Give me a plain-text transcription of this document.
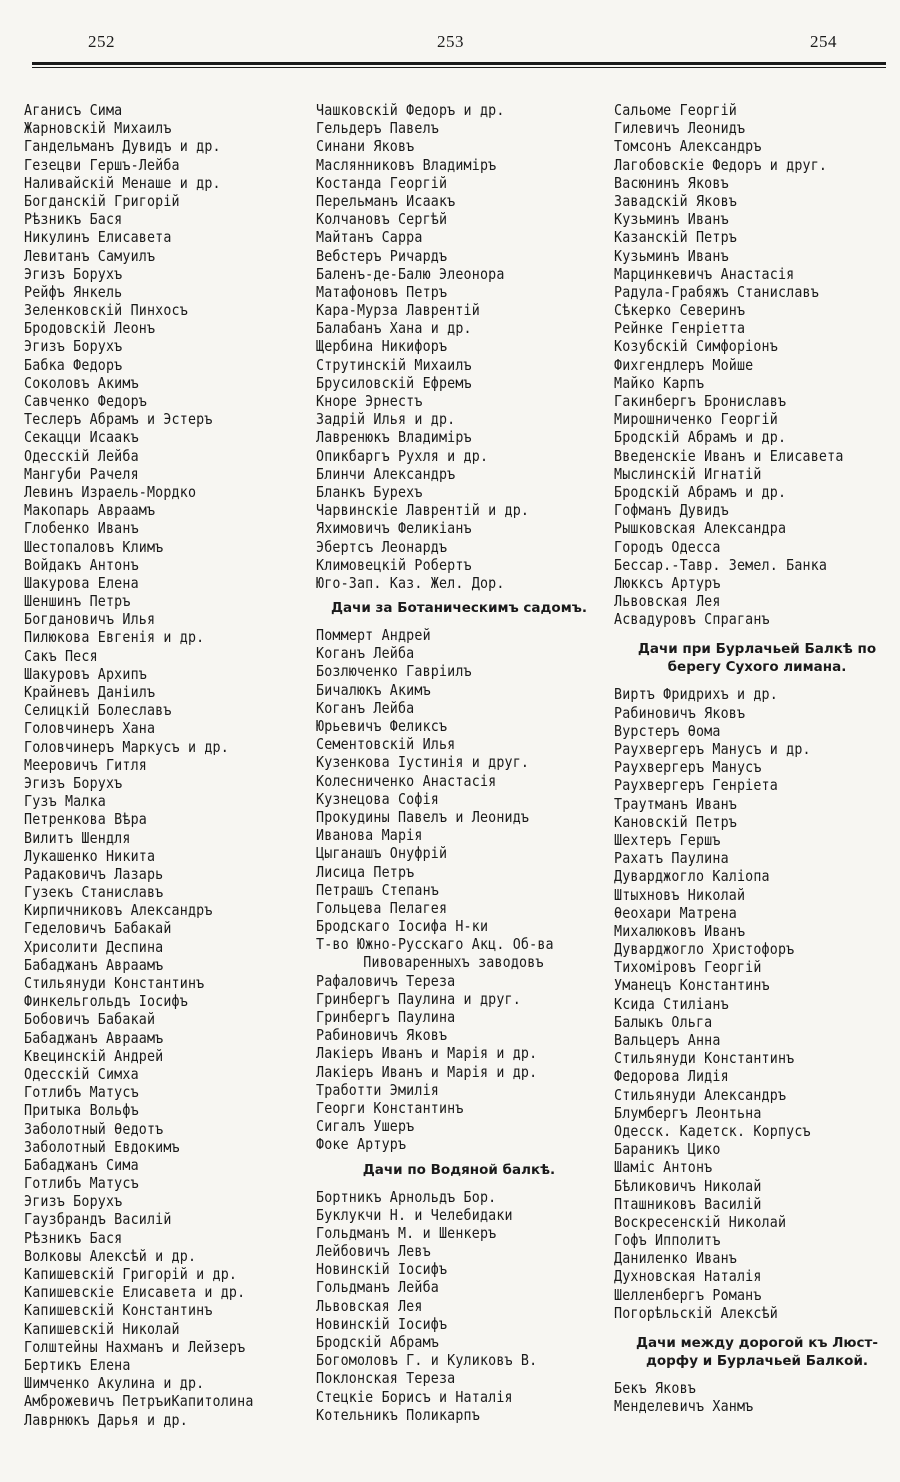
252	253	254
Аганисъ Сима
Жарновскій Михаилъ
Гандельманъ Дувидъ и др.
Гезецви Гершъ-Лейба
Наливайскій Менаше и др.
Богданскій Григорій
Рѣзникъ Бася
Никулинъ Елисавета
Левитанъ Самуилъ
Эгизъ Борухъ
Рейфъ Янкель
Зеленковскій Пинхосъ
Бродовскій Леонъ
Эгизъ Борухъ
Бабка Федоръ
Соколовъ Акимъ
Савченко Федоръ
Теслеръ Абрамъ и Эстеръ
Секацци Исаакъ
Одесскій Лейба
Мангуби Рачеля
Левинъ Израель-Мордко
Макопарь Авраамъ
Глобенко Иванъ
Шестопаловъ Климъ
Войдакъ Антонъ
Шакурова Елена
Шеншинъ Петръ
Богдановичъ Илья
Пилюкова Евгенія и др.
Сакъ Песя
Шакуровъ Архипъ
Крайневъ Даніилъ
Селицкій Болеславъ
Головчинеръ Хана
Головчинеръ Маркусъ и др.
Мееровичъ Гитля
Эгизъ Борухъ
Гузъ Малка
Петренкова Вѣра
Вилитъ Шендля
Лукашенко Никита
Радаковичъ Лазарь
Гузекъ Станиславъ
Кирпичниковъ Александръ
Геделовичъ Бабакай
Хрисолити Деспина
Бабаджанъ Авраамъ
Стильянуди Константинъ
Финкельгольдъ Іосифъ
Бобовичъ Бабакай
Бабаджанъ Авраамъ
Квецинскій Андрей
Одесскій Симха
Готлибъ Матусъ
Притыка Вольфъ
Заболотный Ѳедотъ
Заболотный Евдокимъ
Бабаджанъ Сима
Готлибъ Матусъ
Эгизъ Борухъ
Гаузбрандъ Василій
Рѣзникъ Бася
Волковы Алексѣй и др.
Капишевскій Григорій и др.
Капишевскіе Елисавета и др.
Капишевскій Константинъ
Капишевскій Николай
Голштейны Нахманъ и Лейзеръ
Бертикъ Елена
Шимченко Акулина и др.
Амброжевичъ ПетръиКапитолина
Лаврнюкъ Дарья и др.
Чашковскій Федоръ и др.
Гельдеръ Павелъ
Синани Яковъ
Маслянниковъ Владиміръ
Костанда Георгій
Перельманъ Исаакъ
Колчановъ Сергѣй
Майтанъ Сарра
Вебстеръ Ричардъ
Баленъ-де-Балю Элеонора
Матафоновъ Петръ
Кара-Мурза Лаврентій
Балабанъ Хана и др.
Щербина Никифоръ
Струтинскій Михаилъ
Брусиловскій Ефремъ
Кноре Эрнестъ
Задрій Илья и др.
Лавренюкъ Владиміръ
Опикбаргъ Рухля и др.
Блинчи Александръ
Бланкъ Бурехъ
Чарвинскіе Лаврентій и др.
Яхимовичъ Феликіанъ
Эбертсъ Леонардъ
Климовецкій Робертъ
Юго-Зап. Каз. Жел. Дор.
Дачи за Ботаническимъ садомъ.
Поммерт Андрей
Коганъ Лейба
Бозлюченко Гавріилъ
Бичалюкъ Акимъ
Коганъ Лейба
Юрьевичъ Феликсъ
Сементовскій Илья
Кузенкова Іустинія и друг.
Колесниченко Анастасія
Кузнецова Софія
Прокудины Павелъ и Леонидъ
Иванова Марія
Цыганашъ Онуфрій
Лисица Петръ
Петрашъ Степанъ
Гольцева Пелагея
Бродскаго Іосифа Н-ки
Т-во Южно-Русскаго Акц. Об-ва
Пивоваренныхъ заводовъ
Рафаловичъ Тереза
Гринбергъ Паулина и друг.
Гринбергъ Паулина
Рабиновичъ Яковъ
Лакіеръ Иванъ и Марія и др.
Лакіеръ Иванъ и Марія и др.
Тработти Эмилія
Георги Константинъ
Сигалъ Ушеръ
Фоке Артуръ
Дачи по Водяной балкѣ.
Бортникъ Арнольдъ Бор.
Буклукчи Н. и Челебидаки
Гольдманъ М. и Шенкеръ
Лейбовичъ Левъ
Новинскій Іосифъ
Гольдманъ Лейба
Львовская Лея
Новинскій Іосифъ
Бродскій Абрамъ
Богомоловъ Г. и Куликовъ В.
Поклонская Тереза
Стецкіе Борисъ и Наталія
Котельникъ Поликарпъ
Сальоме Георгій
Гилевичъ Леонидъ
Томсонъ Александръ
Лагобовскіе Федоръ и друг.
Васюнинъ Яковъ
Завадскій Яковъ
Кузьминъ Иванъ
Казанскій Петръ
Кузьминъ Иванъ
Марцинкевичъ Анастасія
Радула-Грабяжъ Станиславъ
Сѣкерко Северинъ
Рейнке Генріетта
Козубскій Симфоріонъ
Фихгендлеръ Мойше
Майко Карпъ
Гакинбергъ Брониславъ
Мирошниченко Георгій
Бродскій Абрамъ и др.
Введенскіе Иванъ и Елисавета
Мыслинскій Игнатій
Бродскій Абрамъ и др.
Гофманъ Дувидъ
Рышковская Александра
Городъ Одесса
Бессар.-Тавр. Земел. Банка
Люкксъ Артуръ
Львовская Лея
Асвадуровъ Спраганъ
Дачи при Бурлачьей Балкѣ по
берегу Сухого лимана.
Виртъ Фридрихъ и др.
Рабиновичъ Яковъ
Вурстеръ Ѳома
Раухвергеръ Манусъ и др.
Раухвергеръ Манусъ
Раухвергеръ Генріета
Траутманъ Иванъ
Кановскій Петръ
Шехтеръ Гершъ
Рахатъ Паулина
Дуварджогло Каліопа
Штыхновъ Николай
Ѳеохари Матрена
Михалюковъ Иванъ
Дуварджогло Христофоръ
Тихоміровъ Георгій
Уманецъ Константинъ
Ксида Стиліанъ
Балыкъ Ольга
Вальцеръ Анна
Стильянуди Константинъ
Федорова Лидія
Стильянуди Александръ
Блумбергъ Леонтьна
Одесск. Кадетск. Корпусъ
Бараникъ Цико
Шаміс Антонъ
Бѣликовичъ Николай
Пташниковъ Василій
Воскресенскій Николай
Гофъ Ипполитъ
Даниленко Иванъ
Духновская Наталія
Шелленбергъ Романъ
Погорѣльскій Алексѣй
Дачи между дорогой къ Люст-
дорфу и Бурлачьей Балкой.
Бекъ Яковъ
Менделевичъ Ханмъ
